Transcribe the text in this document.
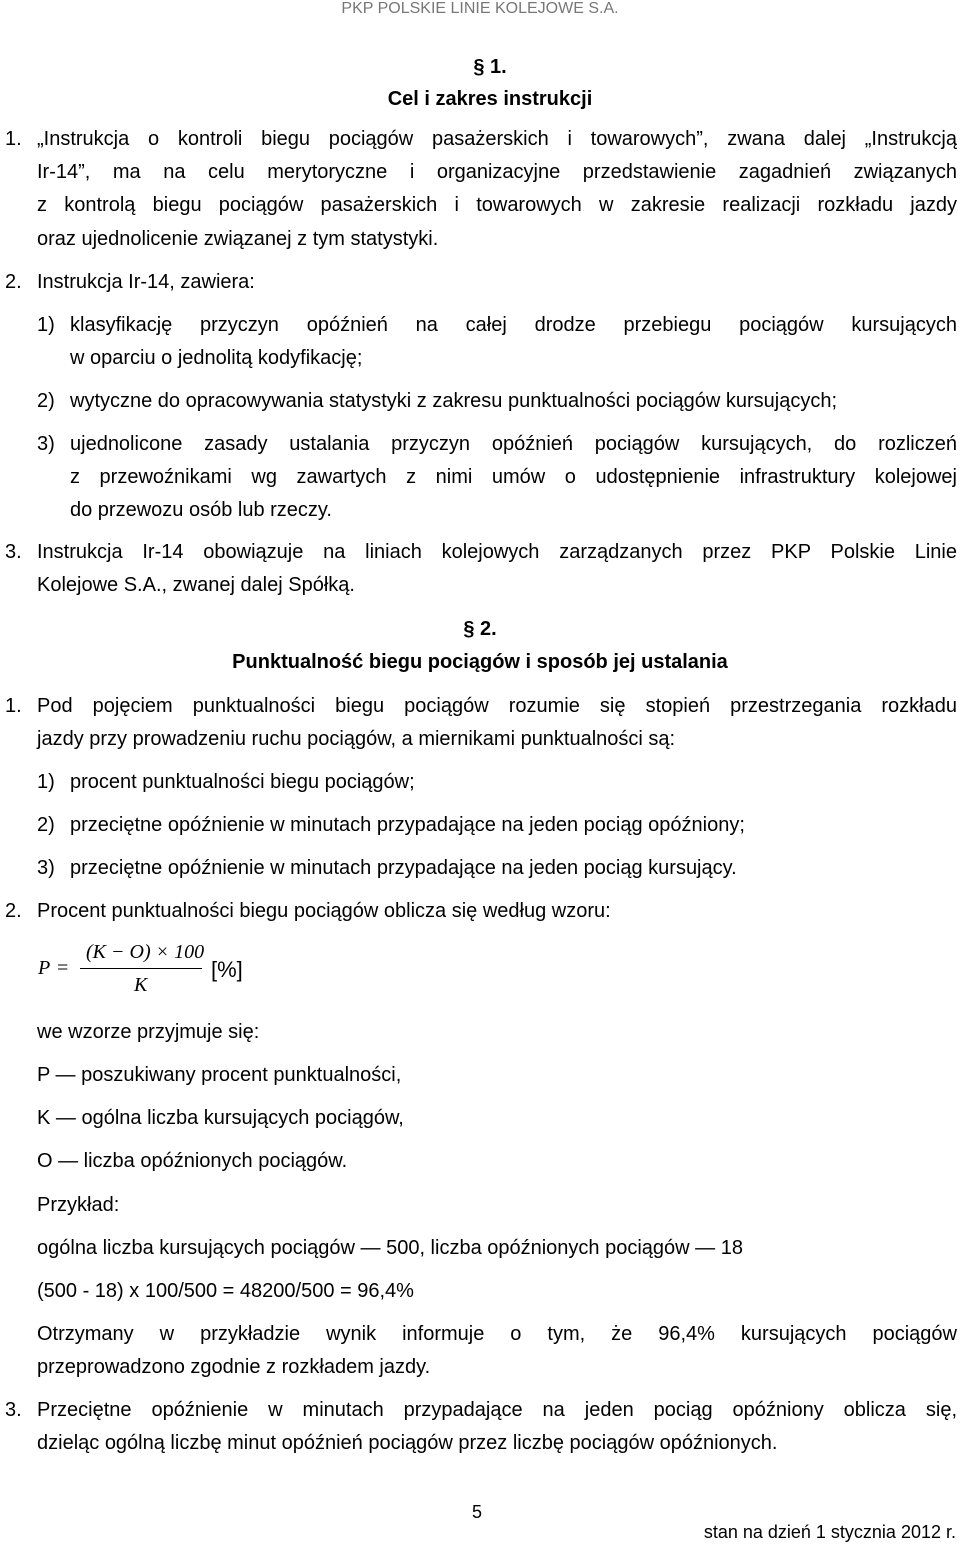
PKP POLSKIE LINIE KOLEJOWE S.A.
§ 1.
Cel i zakres instrukcji
1. „Instrukcja o kontroli biegu pociągów pasażerskich i towarowych”, zwana dalej „Instrukcją
Ir-14”, ma na celu merytoryczne i organizacyjne przedstawienie zagadnień związanych
z kontrolą biegu pociągów pasażerskich i towarowych w zakresie realizacji rozkładu jazdy
oraz ujednolicenie związanej z tym statystyki.
2. Instrukcja Ir-14, zawiera:
1) klasyfikację przyczyn opóźnień na całej drodze przebiegu pociągów kursujących
w oparciu o jednolitą kodyfikację;
2) wytyczne do opracowywania statystyki z zakresu punktualności pociągów kursujących;
3) ujednolicone zasady ustalania przyczyn opóźnień pociągów kursujących, do rozliczeń
z przewoźnikami wg zawartych z nimi umów o udostępnienie infrastruktury kolejowej
do przewozu osób lub rzeczy.
3. Instrukcja Ir-14 obowiązuje na liniach kolejowych zarządzanych przez PKP Polskie Linie
Kolejowe S.A., zwanej dalej Spółką.
§ 2.
Punktualność biegu pociągów i sposób jej ustalania
1. Pod pojęciem punktualności biegu pociągów rozumie się stopień przestrzegania rozkładu
jazdy przy prowadzeniu ruchu pociągów, a miernikami punktualności są:
1) procent punktualności biegu pociągów;
2) przeciętne opóźnienie w minutach przypadające na jeden pociąg opóźniony;
3) przeciętne opóźnienie w minutach przypadające na jeden pociąg kursujący.
2. Procent punktualności biegu pociągów oblicza się według wzoru:
P =
(K − O) × 100
K
[%]
we wzorze przyjmuje się:
P — poszukiwany procent punktualności,
K — ogólna liczba kursujących pociągów,
O — liczba opóźnionych pociągów.
Przykład:
ogólna liczba kursujących pociągów — 500, liczba opóźnionych pociągów — 18
(500 - 18) x 100/500 = 48200/500 = 96,4%
Otrzymany w przykładzie wynik informuje o tym, że 96,4% kursujących pociągów
przeprowadzono zgodnie z rozkładem jazdy.
3. Przeciętne opóźnienie w minutach przypadające na jeden pociąg opóźniony oblicza się,
dzieląc ogólną liczbę minut opóźnień pociągów przez liczbę pociągów opóźnionych.
5
stan na dzień 1 stycznia 2012 r.
